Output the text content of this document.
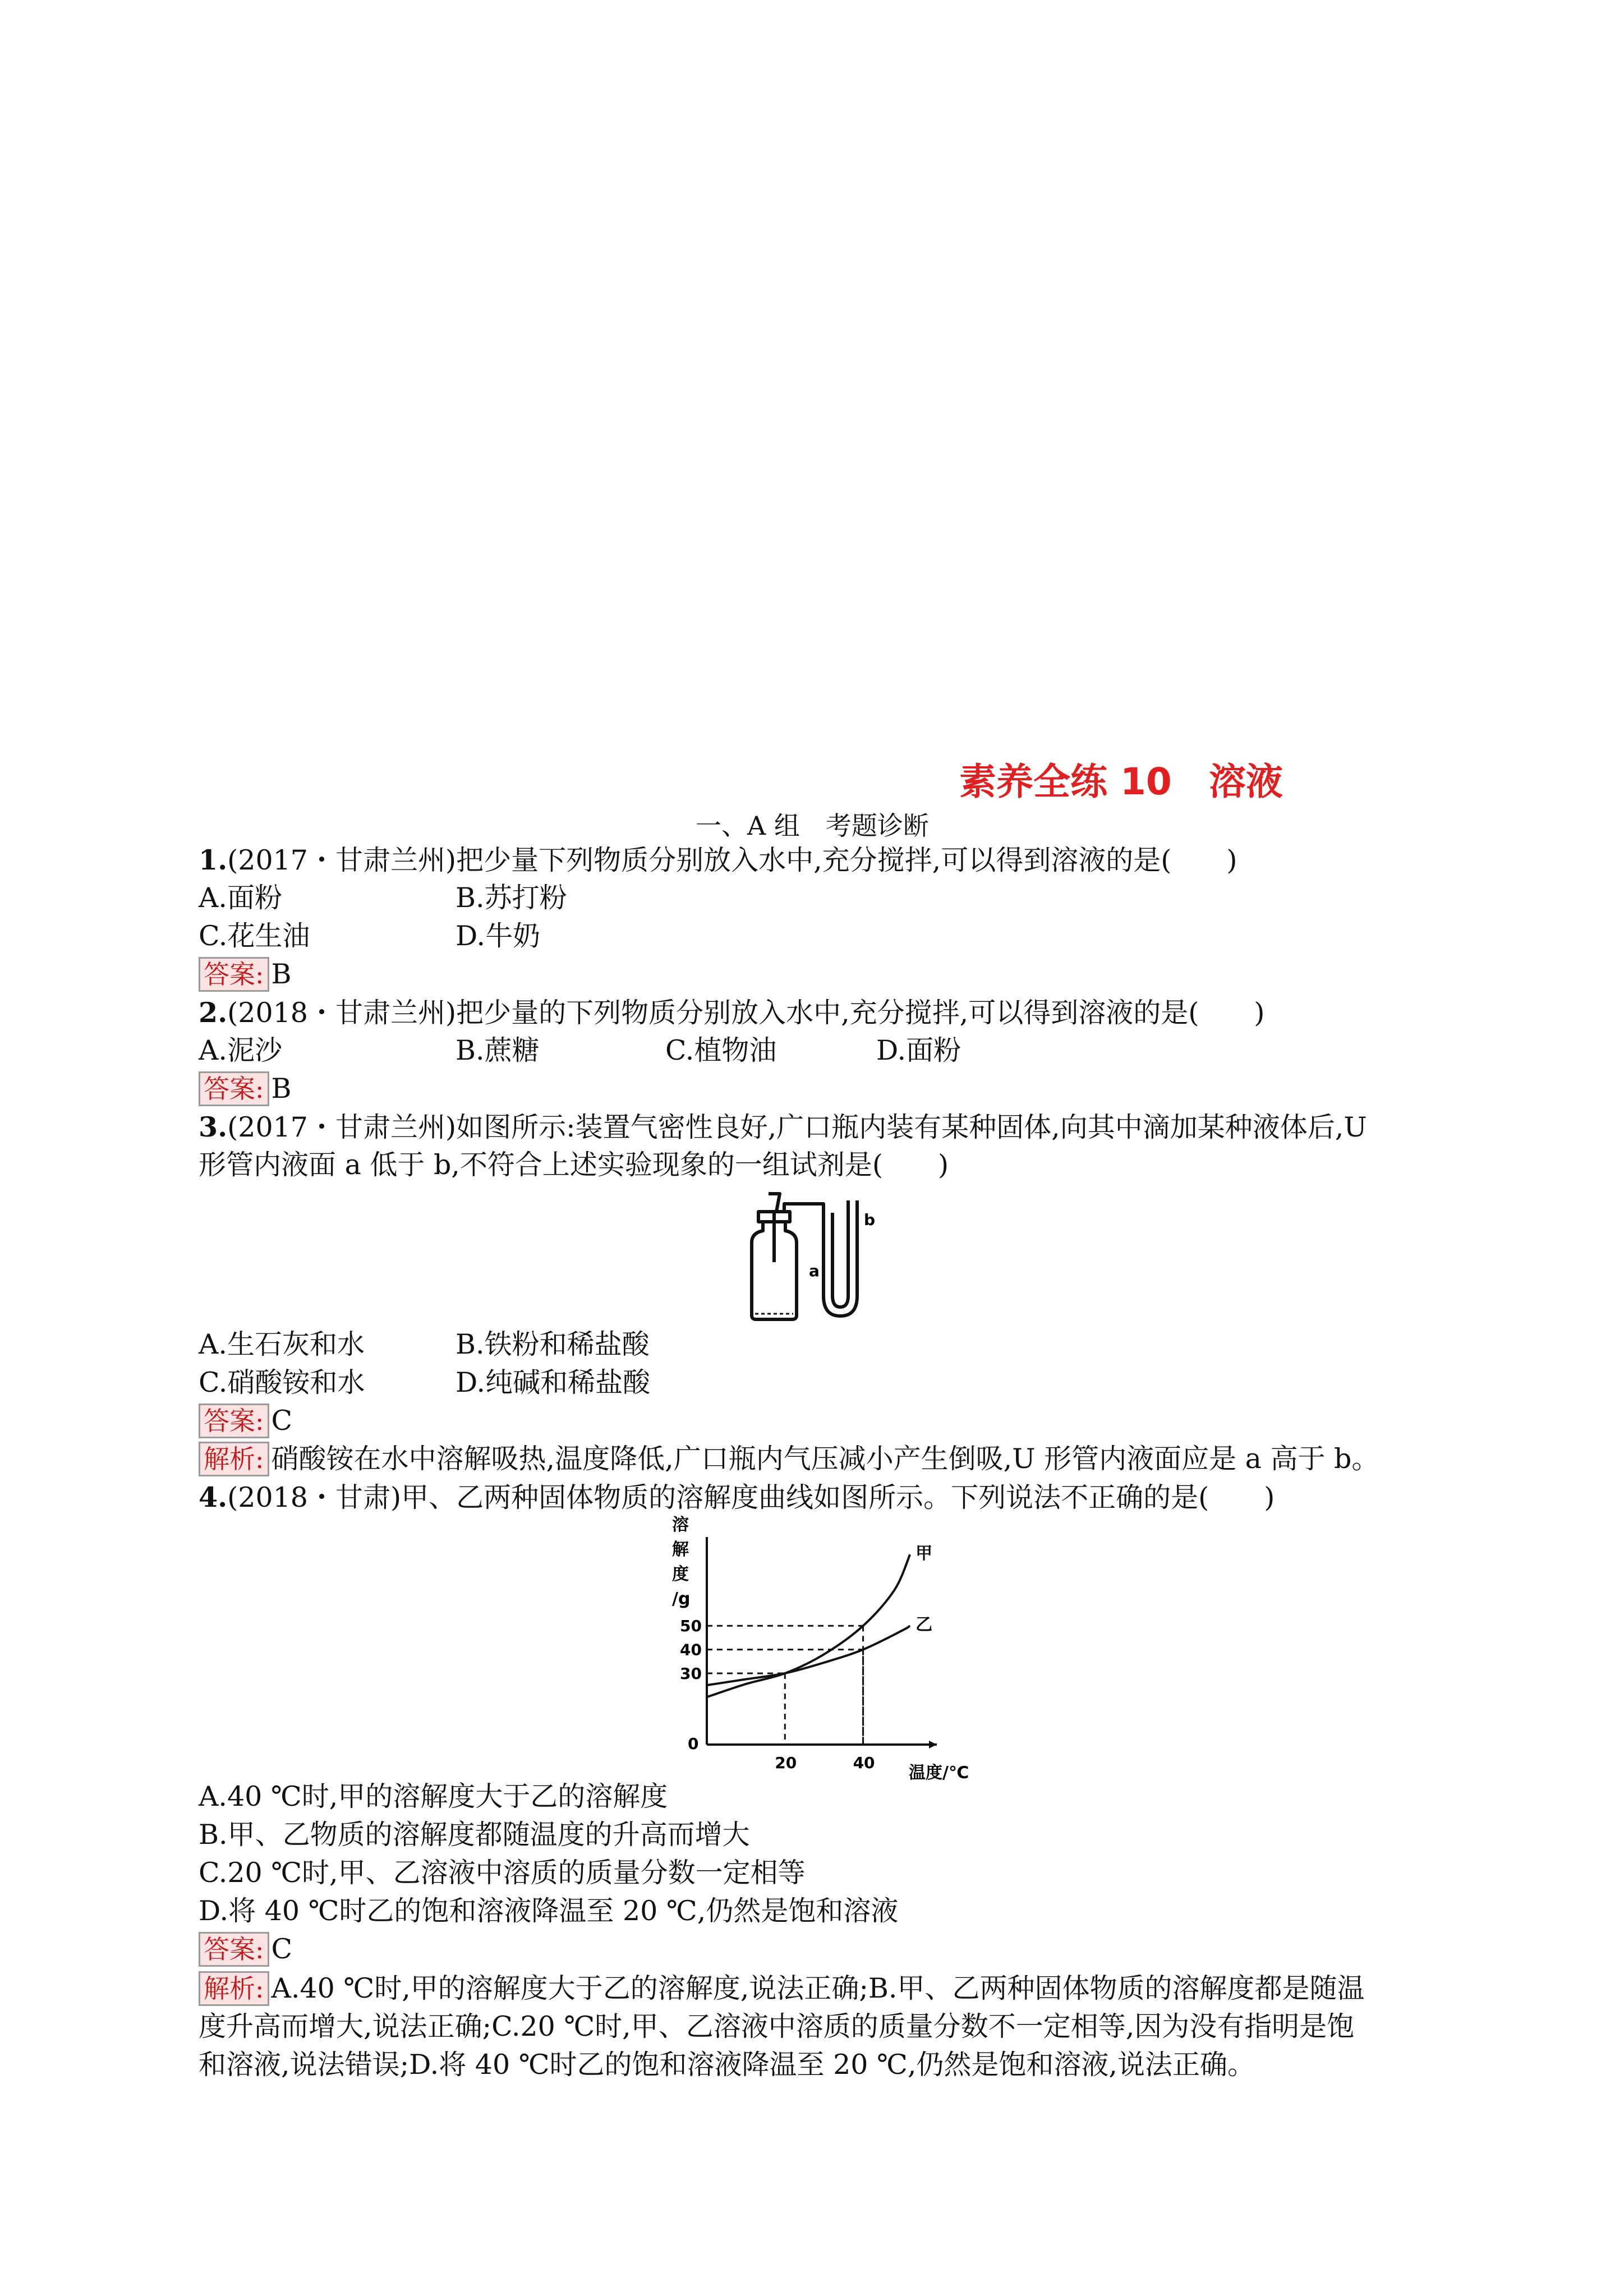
素养全练 10　溶液
一、A 组　考题诊断
1.(2017・甘肃兰州)把少量下列物质分别放入水中,充分搅拌,可以得到溶液的是(　　)
A.面粉	B.苏打粉
C.花生油	D.牛奶
答案: B
2.(2018・甘肃兰州)把少量的下列物质分别放入水中,充分搅拌,可以得到溶液的是(　　)
A.泥沙	B.蔗糖	C.植物油	D.面粉
答案: B
3.(2017・甘肃兰州)如图所示:装置气密性良好,广口瓶内装有某种固体,向其中滴加某种液体后,U
形管内液面 a 低于 b,不符合上述实验现象的一组试剂是(　　)
a
b
A.生石灰和水	B.铁粉和稀盐酸
C.硝酸铵和水	D.纯碱和稀盐酸
答案: C
解析: 硝酸铵在水中溶解吸热,温度降低,广口瓶内气压减小产生倒吸,U 形管内液面应是 a 高于 b。
4.(2018・甘肃)甲、乙两种固体物质的溶解度曲线如图所示。下列说法不正确的是(　　)
溶
解
度
/g
温度/℃
0
20	40
30
40
50
甲
乙
A.40 ℃时,甲的溶解度大于乙的溶解度
B.甲、乙物质的溶解度都随温度的升高而增大
C.20 ℃时,甲、乙溶液中溶质的质量分数一定相等
D.将 40 ℃时乙的饱和溶液降温至 20 ℃,仍然是饱和溶液
答案: C
解析: A.40 ℃时,甲的溶解度大于乙的溶解度,说法正确;B.甲、乙两种固体物质的溶解度都是随温
度升高而增大,说法正确;C.20 ℃时,甲、乙溶液中溶质的质量分数不一定相等,因为没有指明是饱
和溶液,说法错误;D.将 40 ℃时乙的饱和溶液降温至 20 ℃,仍然是饱和溶液,说法正确。
